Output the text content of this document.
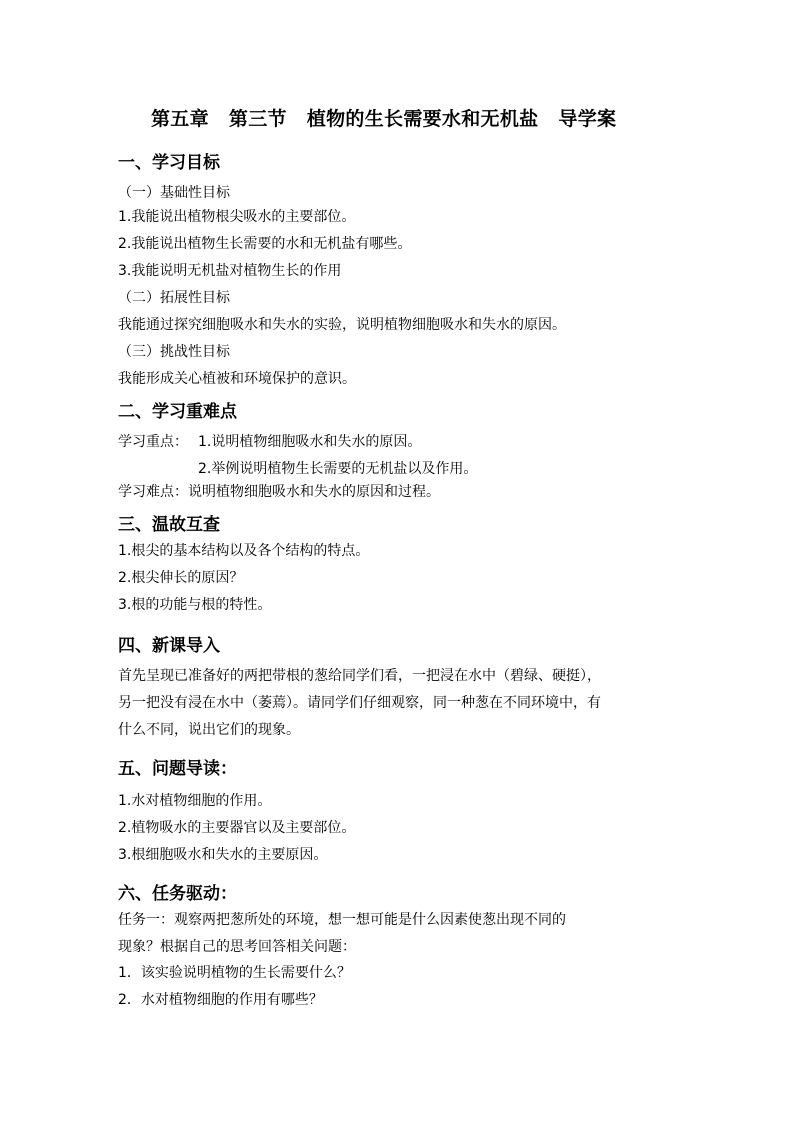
第五章 第三节 植物的生长需要水和无机盐 导学案
一、学习目标
（一）基础性目标
1.我能说出植物根尖吸水的主要部位。
2.我能说出植物生长需要的水和无机盐有哪些。
3.我能说明无机盐对植物生长的作用
（二）拓展性目标
我能通过探究细胞吸水和失水的实验，说明植物细胞吸水和失水的原因。
（三）挑战性目标
我能形成关心植被和环境保护的意识。
二、学习重难点
学习重点： 1.说明植物细胞吸水和失水的原因。
2.举例说明植物生长需要的无机盐以及作用。
学习难点： 说明植物细胞吸水和失水的原因和过程。
三、温故互查
1.根尖的基本结构以及各个结构的特点。
2.根尖伸长的原因？
3.根的功能与根的特性。
四、新课导入
首先呈现已准备好的两把带根的葱给同学们看，一把浸在水中（碧绿、硬挺），
另一把没有浸在水中（萎蔫）。请同学们仔细观察，同一种葱在不同环境中，有
什么不同，说出它们的现象。
五、问题导读：
1.水对植物细胞的作用。
2.植物吸水的主要器官以及主要部位。
3.根细胞吸水和失水的主要原因。
六、任务驱动：
任务一：观察两把葱所处的环境，想一想可能是什么因素使葱出现不同的
现象？根据自己的思考回答相关问题：
1．该实验说明植物的生长需要什么？
2．水对植物细胞的作用有哪些？
